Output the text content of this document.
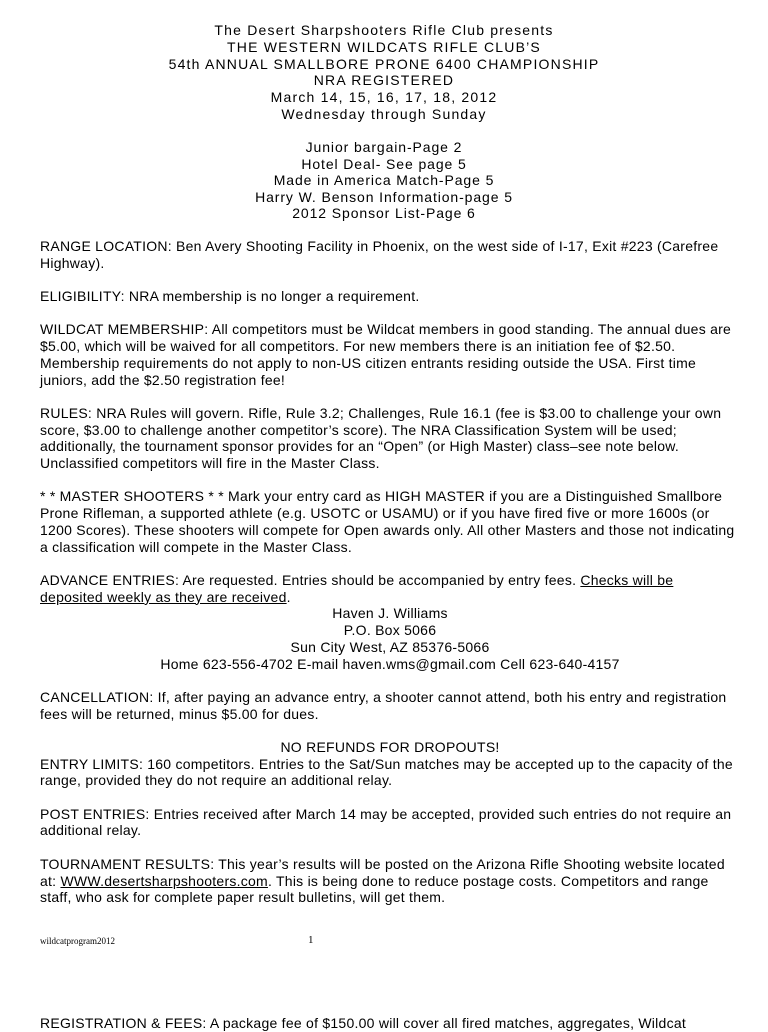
The Desert Sharpshooters Rifle Club presents
THE WESTERN WILDCATS RIFLE CLUB’S
54th ANNUAL SMALLBORE PRONE 6400 CHAMPIONSHIP
NRA REGISTERED
March 14, 15, 16, 17, 18, 2012
Wednesday through Sunday
Junior bargain-Page 2
Hotel Deal- See page 5
Made in America Match-Page 5
Harry W. Benson Information-page 5
2012 Sponsor List-Page 6

RANGE LOCATION: Ben Avery Shooting Facility in Phoenix, on the west side of I-17, Exit #223 (Carefree Highway).

ELIGIBILITY: NRA membership is no longer a requirement.

WILDCAT MEMBERSHIP: All competitors must be Wildcat members in good standing. The annual dues are $5.00, which will be waived for all competitors. For new members there is an initiation fee of $2.50. Membership requirements do not apply to non-US citizen entrants residing outside the USA. First time juniors, add the $2.50 registration fee!

RULES: NRA Rules will govern. Rifle, Rule 3.2; Challenges, Rule 16.1 (fee is $3.00 to challenge your own score, $3.00 to challenge another competitor’s score). The NRA Classification System will be used; additionally, the tournament sponsor provides for an “Open” (or High Master) class–see note below. Unclassified competitors will fire in the Master Class.

* * MASTER SHOOTERS * * Mark your entry card as HIGH MASTER if you are a Distinguished Smallbore Prone Rifleman, a supported athlete (e.g. USOTC or USAMU) or if you have fired five or more 1600s (or 1200 Scores). These shooters will compete for Open awards only. All other Masters and those not indicating a classification will compete in the Master Class.

ADVANCE ENTRIES: Are requested. Entries should be accompanied by entry fees. Checks will be deposited weekly as they are received.

Haven J. Williams
P.O. Box 5066
Sun City West, AZ 85376-5066
Home 623-556-4702 E-mail haven.wms@gmail.com Cell 623-640-4157

CANCELLATION: If, after paying an advance entry, a shooter cannot attend, both his entry and registration fees will be returned, minus $5.00 for dues.

NO REFUNDS FOR DROPOUTS!

ENTRY LIMITS: 160 competitors. Entries to the Sat/Sun matches may be accepted up to the capacity of the range, provided they do not require an additional relay.

POST ENTRIES: Entries received after March 14 may be accepted, provided such entries do not require an additional relay.

TOURNAMENT RESULTS: This year’s results will be posted on the Arizona Rifle Shooting website located at: WWW.desertsharpshooters.com. This is being done to reduce postage costs. Competitors and range staff, who ask for complete paper result bulletins, will get them.

wildcatprogram2012	1
REGISTRATION & FEES: A package fee of $150.00 will cover all fired matches, aggregates, Wildcat
